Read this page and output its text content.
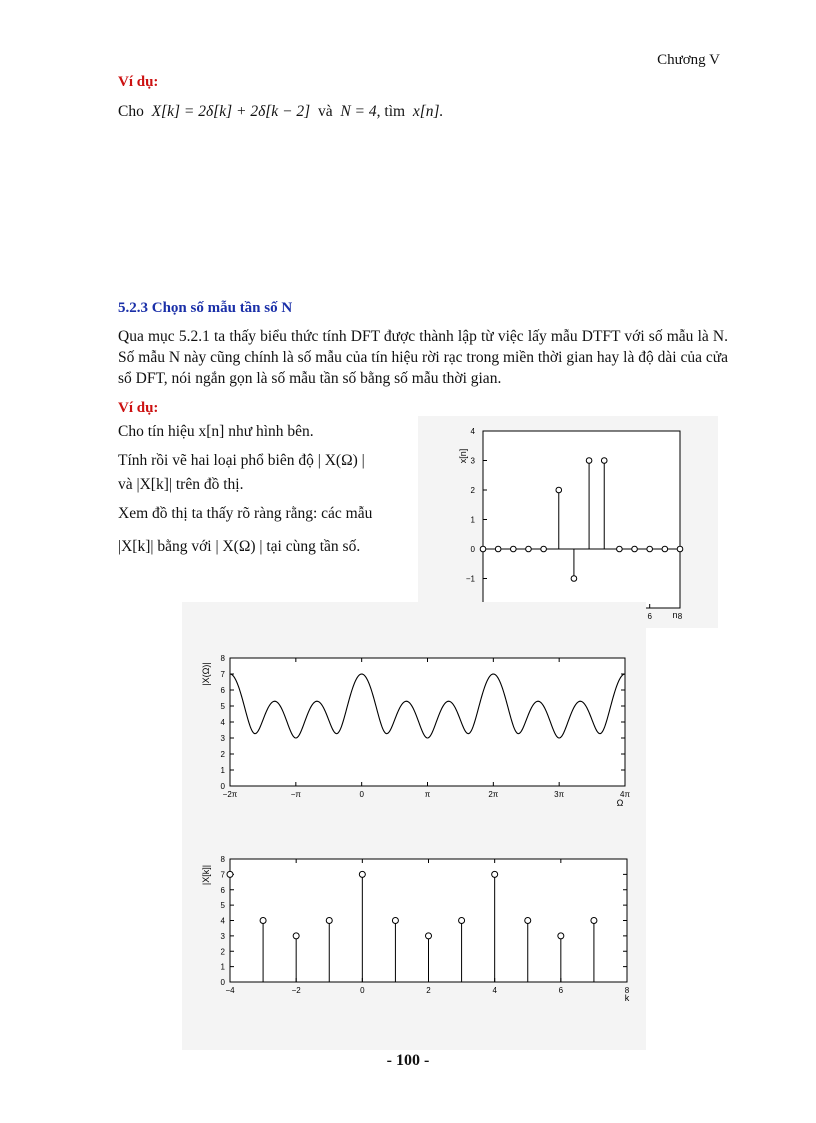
Chương V
Ví dụ:
Cho X[k] = 2δ[k] + 2δ[k − 2] và N = 4, tìm x[n].
5.2.3 Chọn số mẫu tần số N
Qua mục 5.2.1 ta thấy biểu thức tính DFT được thành lập từ việc lấy mẫu DTFT với số mẫu là N. Số mẫu N này cũng chính là số mẫu của tín hiệu rời rạc trong miền thời gian hay là độ dài của cửa sổ DFT, nói ngắn gọn là số mẫu tần số bằng số mẫu thời gian.
Ví dụ:
Cho tín hiệu x[n] như hình bên.
Tính rồi vẽ hai loại phổ biên độ | X(Ω) |
và |X[k]| trên đồ thị.
Xem đồ thị ta thấy rõ ràng rằng: các mẫu
|X[k]| bằng với | X(Ω) | tại cùng tần số.
x[n]
n
−1
0
1
2
3
4
6	8
|X(Ω)|
Ω
0
1
2
3
4
5
6
7
8
−2π	−π	0	π	2π	3π	4π
|X[k]|
k
0
1
2
3
4
5
6
7
8
−4	−2	0	2	4	6	8
- 100 -
